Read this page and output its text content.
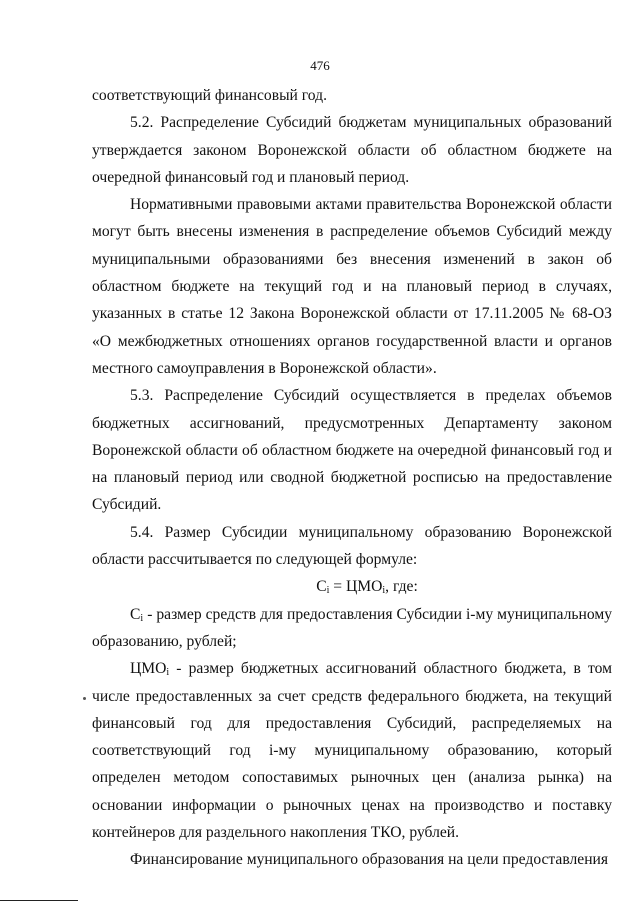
476

соответствующий финансовый год.

5.2. Распределение Субсидий бюджетам муниципальных образований утверждается законом Воронежской области об областном бюджете на очередной финансовый год и плановый период.

Нормативными правовыми актами правительства Воронежской области могут быть внесены изменения в распределение объемов Субсидий между муниципальными образованиями без внесения изменений в закон об областном бюджете на текущий год и на плановый период в случаях, указанных в статье 12 Закона Воронежской области от 17.11.2005 № 68-ОЗ «О межбюджетных отношениях органов государственной власти и органов местного самоуправления в Воронежской области».

5.3. Распределение Субсидий осуществляется в пределах объемов бюджетных ассигнований, предусмотренных Департаменту законом Воронежской области об областном бюджете на очередной финансовый год и на плановый период или сводной бюджетной росписью на предоставление Субсидий.

5.4. Размер Субсидии муниципальному образованию Воронежской области рассчитывается по следующей формуле:

$C_i = ЦМО_i$, где:

$C_i$ - размер средств для предоставления Субсидии i-му муниципальному образованию, рублей;

$ЦМО_i$ - размер бюджетных ассигнований областного бюджета, в том числе предоставленных за счет средств федерального бюджета, на текущий финансовый год для предоставления Субсидий, распределяемых на соответствующий год i-му муниципальному образованию, который определен методом сопоставимых рыночных цен (анализа рынка) на основании информации о рыночных ценах на производство и поставку контейнеров для раздельного накопления ТКО, рублей.

Финансирование муниципального образования на цели предоставления
